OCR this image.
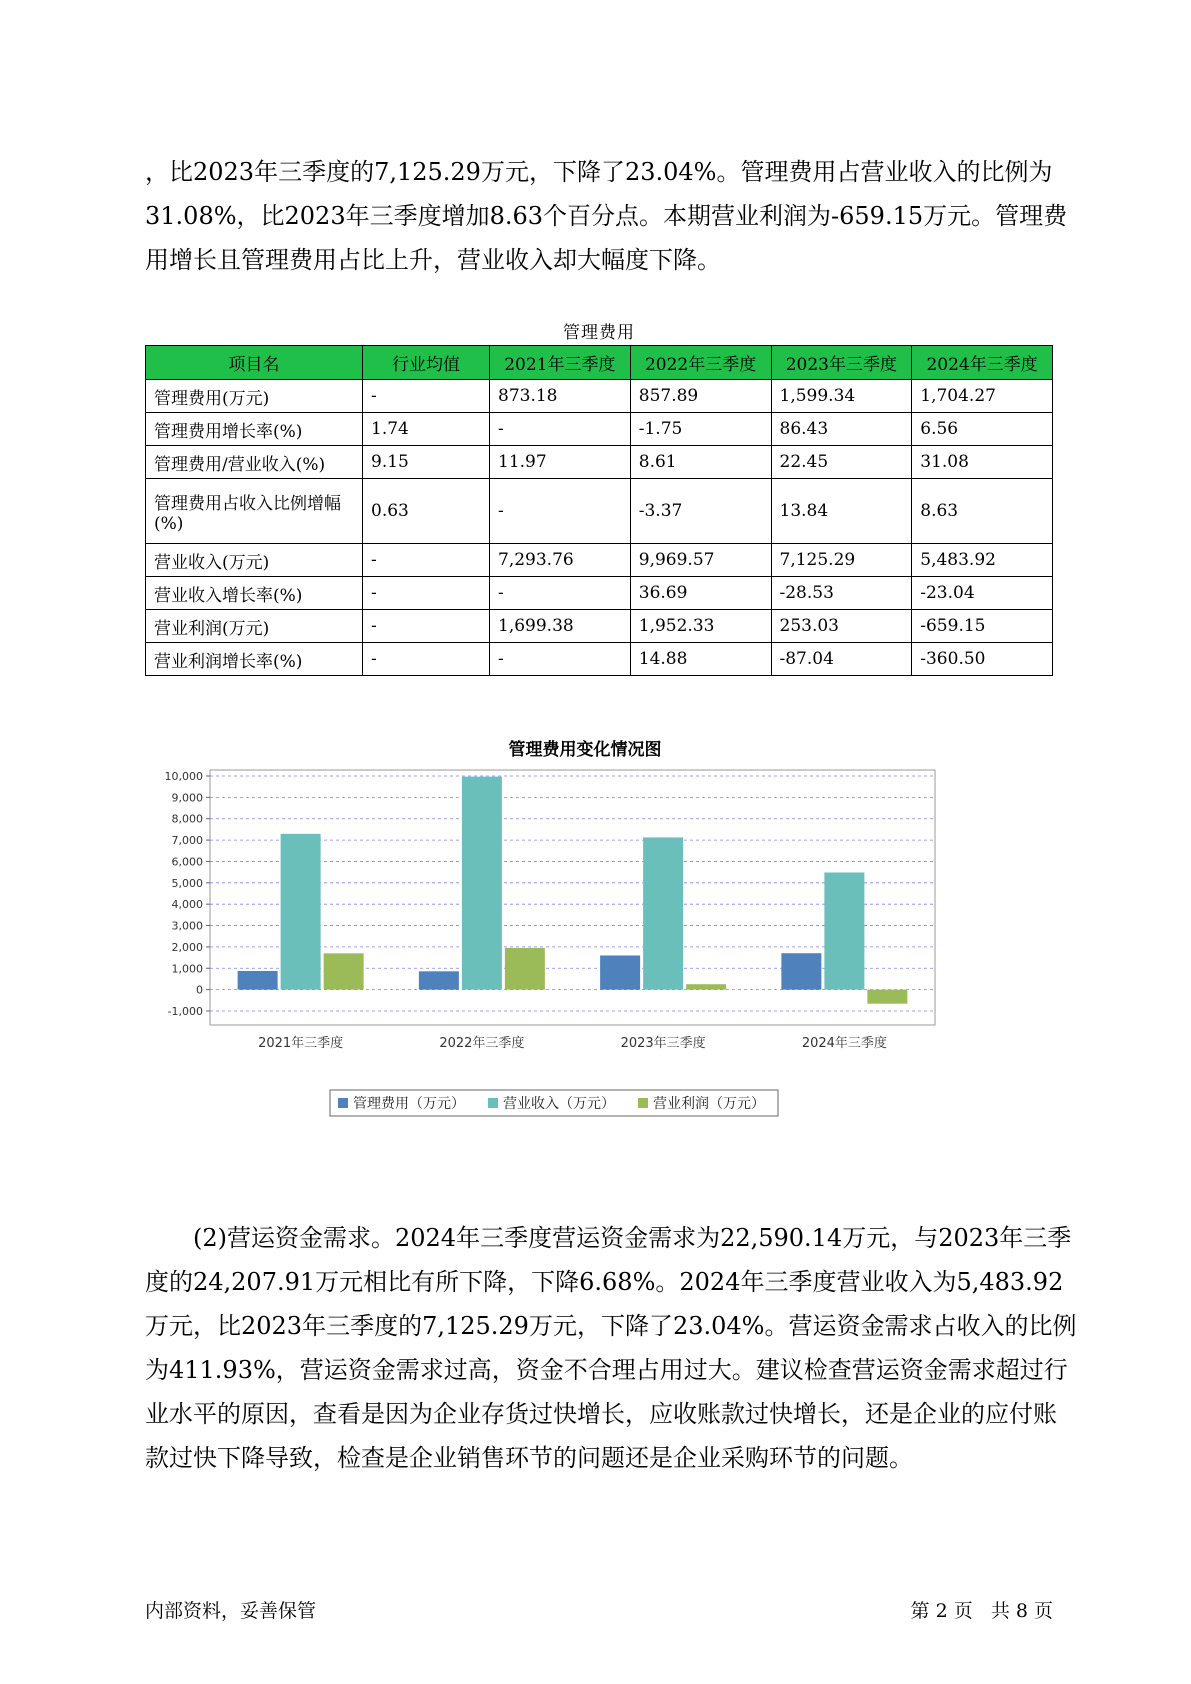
，比2023年三季度的7,125.29万元，下降了23.04%。管理费用占营业收入的比例为31.08%，比2023年三季度增加8.63个百分点。本期营业利润为-659.15万元。管理费用增长且管理费用占比上升，营业收入却大幅度下降。

管理费用
项目名	行业均值	2021年三季度	2022年三季度	2023年三季度	2024年三季度
管理费用(万元)	-	873.18	857.89	1,599.34	1,704.27
管理费用增长率(%)	1.74	-	-1.75	86.43	6.56
管理费用/营业收入(%)	9.15	11.97	8.61	22.45	31.08
管理费用占收入比例增幅(%)	0.63	-	-3.37	13.84	8.63
营业收入(万元)	-	7,293.76	9,969.57	7,125.29	5,483.92
营业收入增长率(%)	-	-	36.69	-28.53	-23.04
营业利润(万元)	-	1,699.38	1,952.33	253.03	-659.15
营业利润增长率(%)	-	-	14.88	-87.04	-360.50
管理费用变化情况图
-1,000
0
1,000
2,000
3,000
4,000
5,000
6,000
7,000
8,000
9,000
10,000
2021年三季度	2022年三季度	2023年三季度	2024年三季度
管理费用（万元）	营业收入（万元）	营业利润（万元）

(2)营运资金需求。2024年三季度营运资金需求为22,590.14万元，与2023年三季度的24,207.91万元相比有所下降，下降6.68%。2024年三季度营业收入为5,483.92万元，比2023年三季度的7,125.29万元，下降了23.04%。营运资金需求占收入的比例为411.93%，营运资金需求过高，资金不合理占用过大。建议检查营运资金需求超过行业水平的原因，查看是因为企业存货过快增长，应收账款过快增长，还是企业的应付账款过快下降导致，检查是企业销售环节的问题还是企业采购环节的问题。

内部资料，妥善保管	第 2 页   共 8 页
